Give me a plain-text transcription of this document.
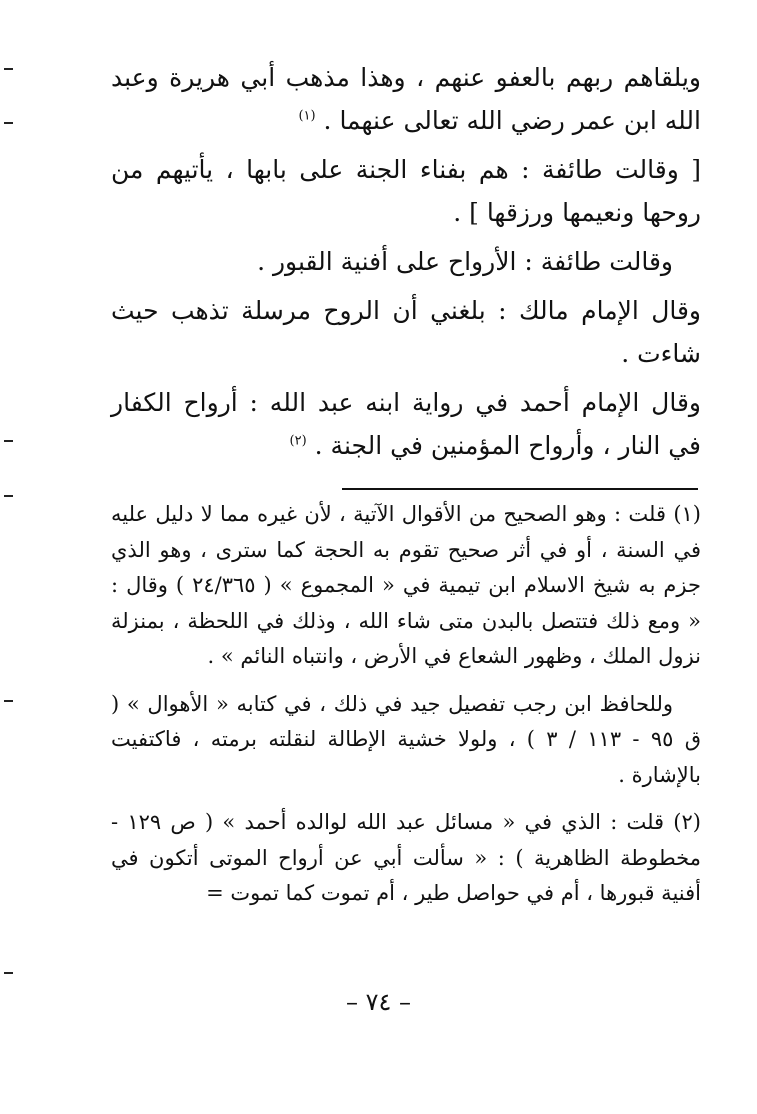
ويلقاهم ربهم بالعفو عنهم ، وهذا مذهب أبي هريرة وعبد الله ابن عمر رضي الله تعالى عنهما . $^{(١)}$

[ وقالت طائفة : هم بفناء الجنة على بابها ، يأتيهم من روحها ونعيمها ورزقها ] .

وقالت طائفة : الأرواح على أفنية القبور .

وقال الإمام مالك : بلغني أن الروح مرسلة تذهب حيث شاءت .

وقال الإمام أحمد في رواية ابنه عبد الله : أرواح الكفار في النار ، وأرواح المؤمنين في الجنة . $^{(٢)}$

(١) قلت : وهو الصحيح من الأقوال الآتية ، لأن غيره مما لا دليل عليه في السنة ، أو في أثر صحيح تقوم به الحجة كما ستری ، وهو الذي جزم به شيخ الاسلام ابن تيمية في « المجموع » ( ٢٤/٣٦٥ ) وقال : « ومع ذلك فتتصل بالبدن متى شاء الله ، وذلك في اللحظة ، بمنزلة نزول الملك ، وظهور الشعاع في الأرض ، وانتباه النائم » .

وللحافظ ابن رجب تفصيل جيد في ذلك ، في كتابه « الأهوال » ( ق ٩٥ - ١١٣ / ٣ ) ، ولولا خشية الإطالة لنقلته برمته ، فاكتفيت بالإشارة .

(٢) قلت : الذي في « مسائل عبد الله لوالده أحمد » ( ص ١٢٩ - مخطوطة الظاهرية ) : « سألت أبي عن أرواح الموتى أتكون في أفنية قبورها ، أم في حواصل طير ، أم تموت كما تموت =

– ٧٤ –
